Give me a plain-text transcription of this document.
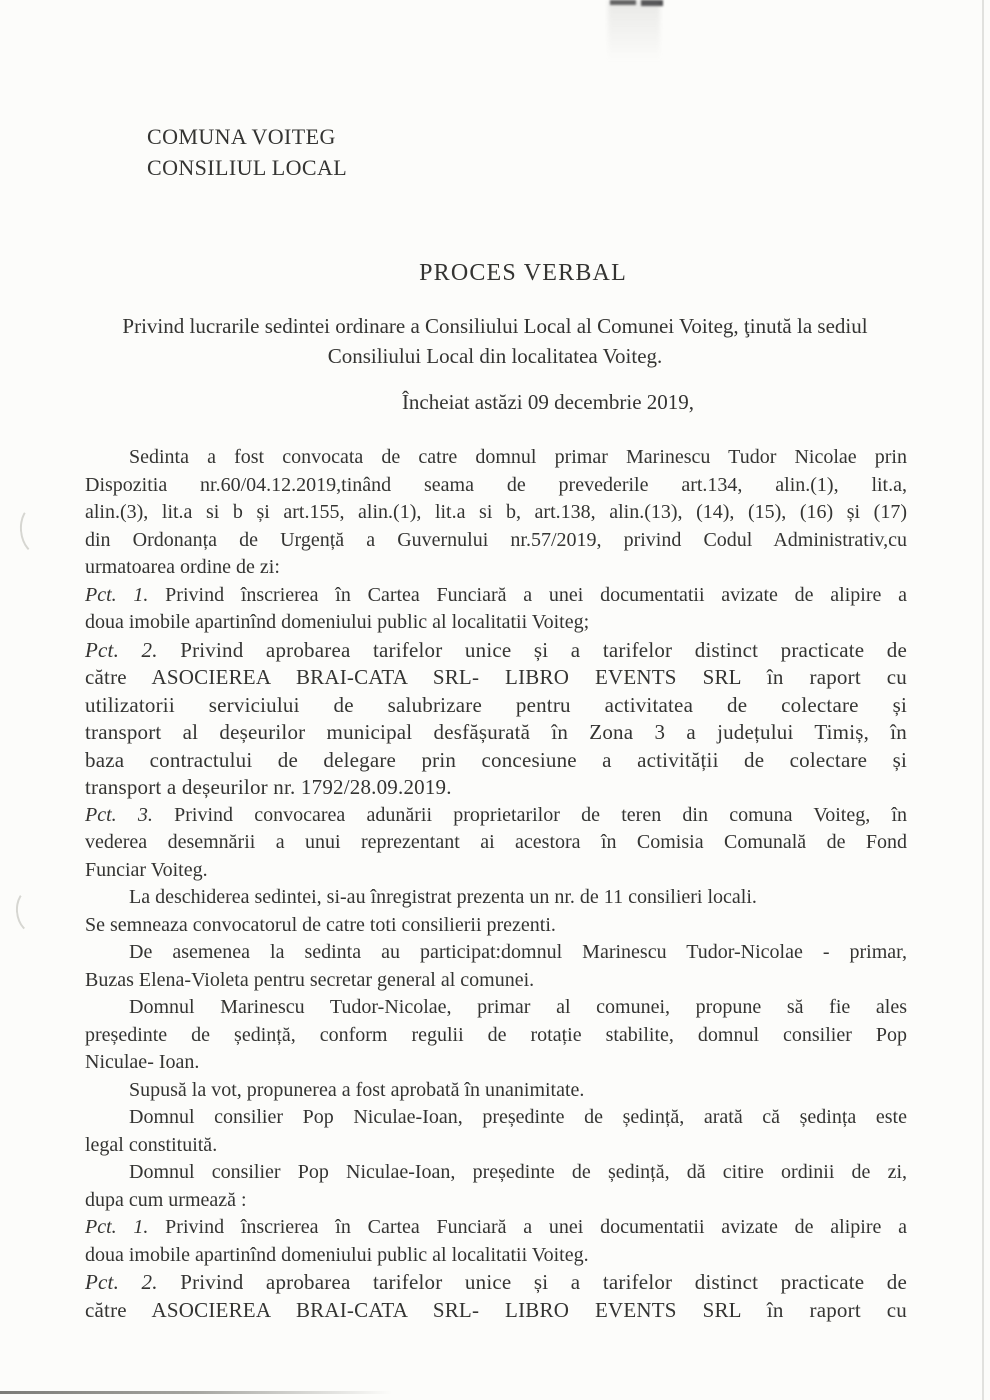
COMUNA VOITEG
CONSILIUL LOCAL
PROCES VERBAL
Privind lucrarile sedintei ordinare a Consiliului Local al Comunei Voiteg, ţinută la sediul
Consiliului Local din localitatea Voiteg.
Încheiat astăzi 09 decembrie 2019,
Sedinta a fost convocata de catre domnul primar Marinescu Tudor Nicolae prin
Dispozitia nr.60/04.12.2019,tinând seama de prevederile art.134, alin.(1), lit.a,
alin.(3), lit.a si b și art.155, alin.(1), lit.a si b, art.138, alin.(13), (14), (15), (16) și (17)
din Ordonanța de Urgență a Guvernului nr.57/2019, privind Codul Administrativ,cu
urmatoarea ordine de zi:
Pct. 1. Privind înscrierea în Cartea Funciară a unei documentatii avizate de alipire a
doua imobile apartinînd domeniului public al localitatii Voiteg;
Pct. 2. Privind aprobarea tarifelor unice și a tarifelor distinct practicate de
către ASOCIEREA BRAI-CATA SRL- LIBRO EVENTS SRL în raport cu
utilizatorii serviciului de salubrizare pentru activitatea de colectare și
transport al deșeurilor municipal desfășurată în Zona 3 a județului Timiș, în
baza contractului de delegare prin concesiune a activității de colectare și
transport a deșeurilor nr. 1792/28.09.2019.
Pct. 3. Privind convocarea adunării proprietarilor de teren din comuna Voiteg, în
vederea desemnării a unui reprezentant ai acestora în Comisia Comunală de Fond
Funciar Voiteg.
La deschiderea sedintei, si-au înregistrat prezenta un nr. de 11 consilieri locali.
Se semneaza convocatorul de catre toti consilierii prezenti.
De asemenea la sedinta au participat:domnul Marinescu Tudor-Nicolae - primar,
Buzas Elena-Violeta pentru secretar general al comunei.
Domnul Marinescu Tudor-Nicolae, primar al comunei, propune să fie ales
președinte de ședință, conform regulii de rotație stabilite, domnul consilier Pop
Niculae- Ioan.
Supusă la vot, propunerea a fost aprobată în unanimitate.
Domnul consilier Pop Niculae-Ioan, președinte de ședință, arată că ședința este
legal constituită.
Domnul consilier Pop Niculae-Ioan, președinte de ședință, dă citire ordinii de zi,
dupa cum urmează :
Pct. 1. Privind înscrierea în Cartea Funciară a unei documentatii avizate de alipire a
doua imobile apartinînd domeniului public al localitatii Voiteg.
Pct. 2. Privind aprobarea tarifelor unice și a tarifelor distinct practicate de
către ASOCIEREA BRAI-CATA SRL- LIBRO EVENTS SRL în raport cu
